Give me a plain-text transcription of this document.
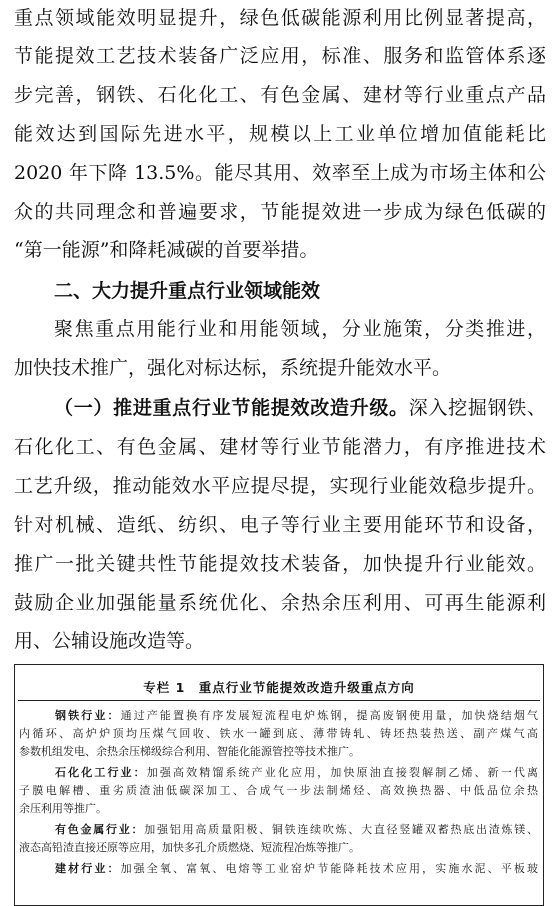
重点领域能效明显提升，绿色低碳能源利用比例显著提高，
节能提效工艺技术装备广泛应用，标准、服务和监管体系逐
步完善，钢铁、石化化工、有色金属、建材等行业重点产品
能效达到国际先进水平，规模以上工业单位增加值能耗比
2020 年下降 13.5%。能尽其用、效率至上成为市场主体和公
众的共同理念和普遍要求，节能提效进一步成为绿色低碳的
“第一能源”和降耗减碳的首要举措。
二、大力提升重点行业领域能效
聚焦重点用能行业和用能领域，分业施策，分类推进，
加快技术推广，强化对标达标，系统提升能效水平。
（一）推进重点行业节能提效改造升级。深入挖掘钢铁、
石化化工、有色金属、建材等行业节能潜力，有序推进技术
工艺升级，推动能效水平应提尽提，实现行业能效稳步提升。
针对机械、造纸、纺织、电子等行业主要用能环节和设备，
推广一批关键共性节能提效技术装备，加快提升行业能效。
鼓励企业加强能量系统优化、余热余压利用、可再生能源利
用、公辅设施改造等。
专栏 1　重点行业节能提效改造升级重点方向
钢铁行业：通过产能置换有序发展短流程电炉炼钢，提高废钢使用量，加快烧结烟气
内循环、高炉炉顶均压煤气回收、铁水一罐到底、薄带铸轧、铸坯热装热送、副产煤气高
参数机组发电、余热余压梯级综合利用、智能化能源管控等技术推广。
石化化工行业：加强高效精馏系统产业化应用，加快原油直接裂解制乙烯、新一代离
子膜电解槽、重劣质渣油低碳深加工、合成气一步法制烯烃、高效换热器、中低品位余热
余压利用等推广。
有色金属行业：加强铝用高质量阳极、铜铁连续吹炼、大直径竖罐双蓄热底出渣炼镁、
液态高铅渣直接还原等应用，加快多孔介质燃烧、短流程冶炼等推广。
建材行业：加强全氧、富氧、电熔等工业窑炉节能降耗技术应用，实施水泥、平板玻
